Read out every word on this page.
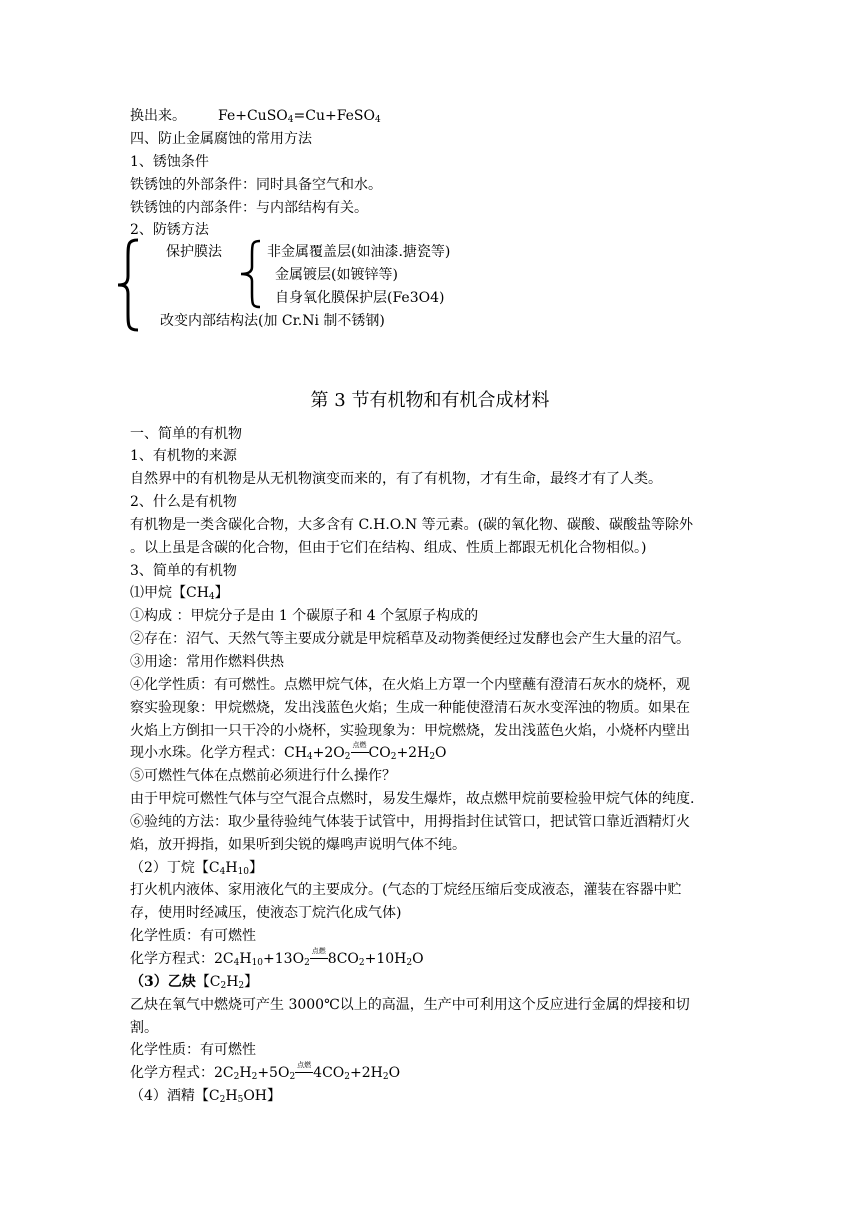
换出来。 Fe+CuSO$_4$=Cu+FeSO$_4$
四、防止金属腐蚀的常用方法
1、锈蚀条件
铁锈蚀的外部条件：同时具备空气和水。
铁锈蚀的内部条件：与内部结构有关。
2、防锈方法
保护膜法	非金属覆盖层(如油漆.搪瓷等)
金属镀层(如镀锌等)
自身氧化膜保护层(Fe3O4)
改变内部结构法(加 Cr.Ni 制不锈钢)
第 3 节有机物和有机合成材料
一、简单的有机物
1、有机物的来源
自然界中的有机物是从无机物演变而来的，有了有机物，才有生命，最终才有了人类。
2、什么是有机物
有机物是一类含碳化合物，大多含有 C.H.O.N 等元素。(碳的氧化物、碳酸、碳酸盐等除外
。以上虽是含碳的化合物，但由于它们在结构、组成、性质上都跟无机化合物相似。)
3、简单的有机物
⑴甲烷【$CH_4$】
①构成 ：甲烷分子是由 1 个碳原子和 4 个氢原子构成的
②存在：沼气、天然气等主要成分就是甲烷稻草及动物粪便经过发酵也会产生大量的沼气。
③用途：常用作燃料供热
④化学性质：有可燃性。点燃甲烷气体，在火焰上方罩一个内壁蘸有澄清石灰水的烧杯，观
察实验现象：甲烷燃烧，发出浅蓝色火焰；生成一种能使澄清石灰水变浑浊的物质。如果在
火焰上方倒扣一只干冷的小烧杯，实验现象为：甲烷燃烧，发出浅蓝色火焰，小烧杯内壁出
现小水珠。化学方程式：$CH_4+2O_2$
点燃 $CO_2+2H_2O$
⑤可燃性气体在点燃前必须进行什么操作？
由于甲烷可燃性气体与空气混合点燃时，易发生爆炸，故点燃甲烷前要检验甲烷气体的纯度.
⑥验纯的方法：取少量待验纯气体装于试管中，用拇指封住试管口，把试管口靠近酒精灯火
焰，放开拇指，如果听到尖锐的爆鸣声说明气体不纯。
（2）丁烷【$C_4H_{10}$】
打火机内液体、家用液化气的主要成分。(气态的丁烷经压缩后变成液态，灌装在容器中贮
存，使用时经减压，使液态丁烷汽化成气体)
化学性质：有可燃性
化学方程式：$2C_4H_{10}+13O_2$
点燃 $8CO_2+10H_2O$
（3）乙炔【$C_2H_2$】
乙炔在氧气中燃烧可产生 3000℃以上的高温，生产中可利用这个反应进行金属的焊接和切
割。
化学性质：有可燃性
化学方程式：$2C_2H_2+5O_2$
点燃 $4CO_2+2H_2O$
（4）酒精【$C_2H_5OH$】
